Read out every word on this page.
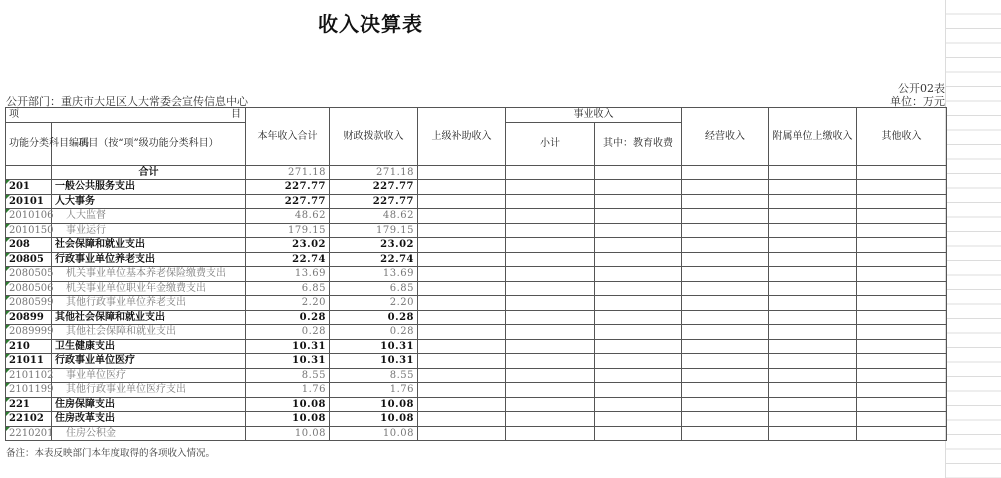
收入决算表
公开02表
公开部门：重庆市大足区人大常委会宣传信息中心	单位：万元
项 目		本年收入合计	财政拨款收入	上级补助收入	事业收入		经营收入	附属单位上缴收入	其他收入
功能分类科目编码	项目（按“项”级功能分类科目）				小计	其中：教育收费			

	合计	271.18	271.18						
201	一般公共服务支出	227.77	227.77						
20101	人大事务	227.77	227.77						
2010106	人大监督	48.62	48.62						
2010150	事业运行	179.15	179.15						
208	社会保障和就业支出	23.02	23.02						
20805	行政事业单位养老支出	22.74	22.74						
2080505	机关事业单位基本养老保险缴费支出	13.69	13.69						
2080506	机关事业单位职业年金缴费支出	6.85	6.85						
2080599	其他行政事业单位养老支出	2.20	2.20						
20899	其他社会保障和就业支出	0.28	0.28						
2089999	其他社会保障和就业支出	0.28	0.28						
210	卫生健康支出	10.31	10.31						
21011	行政事业单位医疗	10.31	10.31						
2101102	事业单位医疗	8.55	8.55						
2101199	其他行政事业单位医疗支出	1.76	1.76						
221	住房保障支出	10.08	10.08						
22102	住房改革支出	10.08	10.08						
2210201	住房公积金	10.08	10.08						
备注：本表反映部门本年度取得的各项收入情况。
